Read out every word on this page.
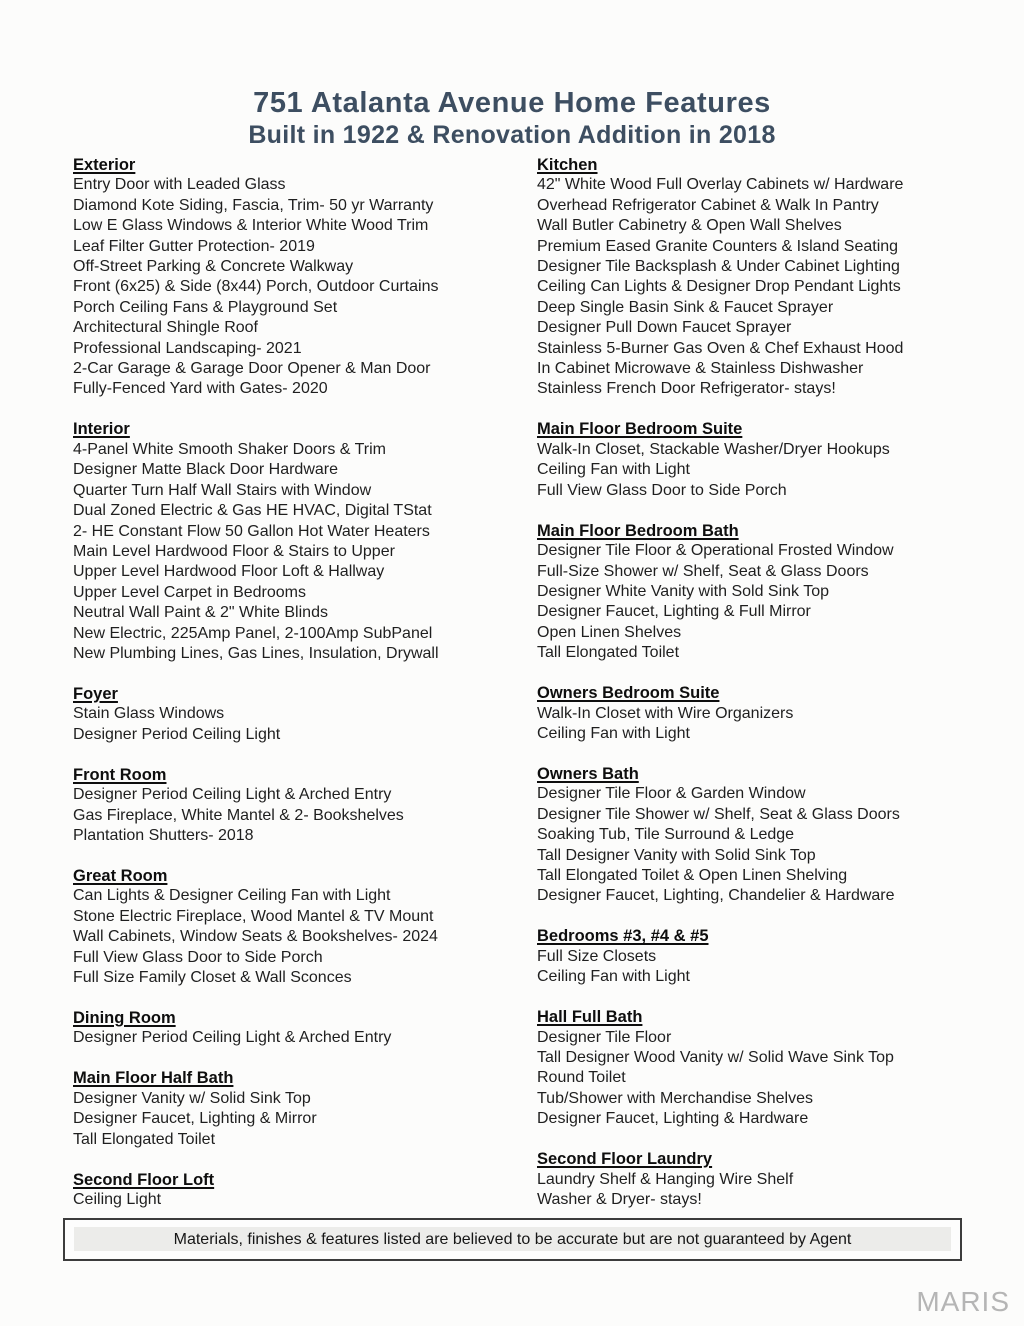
751 Atalanta Avenue Home Features
Built in 1922 & Renovation Addition in 2018
Exterior
Entry Door with Leaded Glass
Diamond Kote Siding, Fascia, Trim- 50 yr Warranty
Low E Glass Windows & Interior White Wood Trim
Leaf Filter Gutter Protection- 2019
Off-Street Parking & Concrete Walkway
Front (6x25) & Side (8x44) Porch, Outdoor Curtains
Porch Ceiling Fans & Playground Set
Architectural Shingle Roof
Professional Landscaping- 2021
2-Car Garage & Garage Door Opener & Man Door
Fully-Fenced Yard with Gates- 2020
Interior
4-Panel White Smooth Shaker Doors & Trim
Designer Matte Black Door Hardware
Quarter Turn Half Wall Stairs with Window
Dual Zoned Electric & Gas HE HVAC, Digital TStat
2- HE Constant Flow 50 Gallon Hot Water Heaters
Main Level Hardwood Floor & Stairs to Upper
Upper Level Hardwood Floor Loft & Hallway
Upper Level Carpet in Bedrooms
Neutral Wall Paint & 2" White Blinds
New Electric, 225Amp Panel, 2-100Amp SubPanel
New Plumbing Lines, Gas Lines, Insulation, Drywall
Foyer
Stain Glass Windows
Designer Period Ceiling Light
Front Room
Designer Period Ceiling Light & Arched Entry
Gas Fireplace, White Mantel & 2- Bookshelves
Plantation Shutters- 2018
Great Room
Can Lights & Designer Ceiling Fan with Light
Stone Electric Fireplace, Wood Mantel & TV Mount
Wall Cabinets, Window Seats & Bookshelves- 2024
Full View Glass Door to Side Porch
Full Size Family Closet & Wall Sconces
Dining Room
Designer Period Ceiling Light & Arched Entry
Main Floor Half Bath
Designer Vanity w/ Solid Sink Top
Designer Faucet, Lighting & Mirror
Tall Elongated Toilet
Second Floor Loft
Ceiling Light
Kitchen
42" White Wood Full Overlay Cabinets w/ Hardware
Overhead Refrigerator Cabinet & Walk In Pantry
Wall Butler Cabinetry & Open Wall Shelves
Premium Eased Granite Counters & Island Seating
Designer Tile Backsplash & Under Cabinet Lighting
Ceiling Can Lights & Designer Drop Pendant Lights
Deep Single Basin Sink & Faucet Sprayer
Designer Pull Down Faucet Sprayer
Stainless 5-Burner Gas Oven & Chef Exhaust Hood
In Cabinet Microwave & Stainless Dishwasher
Stainless French Door Refrigerator- stays!
Main Floor Bedroom Suite
Walk-In Closet, Stackable Washer/Dryer Hookups
Ceiling Fan with Light
Full View Glass Door to Side Porch
Main Floor Bedroom Bath
Designer Tile Floor & Operational Frosted Window
Full-Size Shower w/ Shelf, Seat & Glass Doors
Designer White Vanity with Sold Sink Top
Designer Faucet, Lighting & Full Mirror
Open Linen Shelves
Tall Elongated Toilet
Owners Bedroom Suite
Walk-In Closet with Wire Organizers
Ceiling Fan with Light
Owners Bath
Designer Tile Floor & Garden Window
Designer Tile Shower w/ Shelf, Seat & Glass Doors
Soaking Tub, Tile Surround & Ledge
Tall Designer Vanity with Solid Sink Top
Tall Elongated Toilet & Open Linen Shelving
Designer Faucet, Lighting, Chandelier & Hardware
Bedrooms #3, #4 & #5
Full Size Closets
Ceiling Fan with Light
Hall Full Bath
Designer Tile Floor
Tall Designer Wood Vanity w/ Solid Wave Sink Top
Round Toilet
Tub/Shower with Merchandise Shelves
Designer Faucet, Lighting & Hardware
Second Floor Laundry
Laundry Shelf & Hanging Wire Shelf
Washer & Dryer- stays!
Materials, finishes & features listed are believed to be accurate but are not guaranteed by Agent
MARIS
